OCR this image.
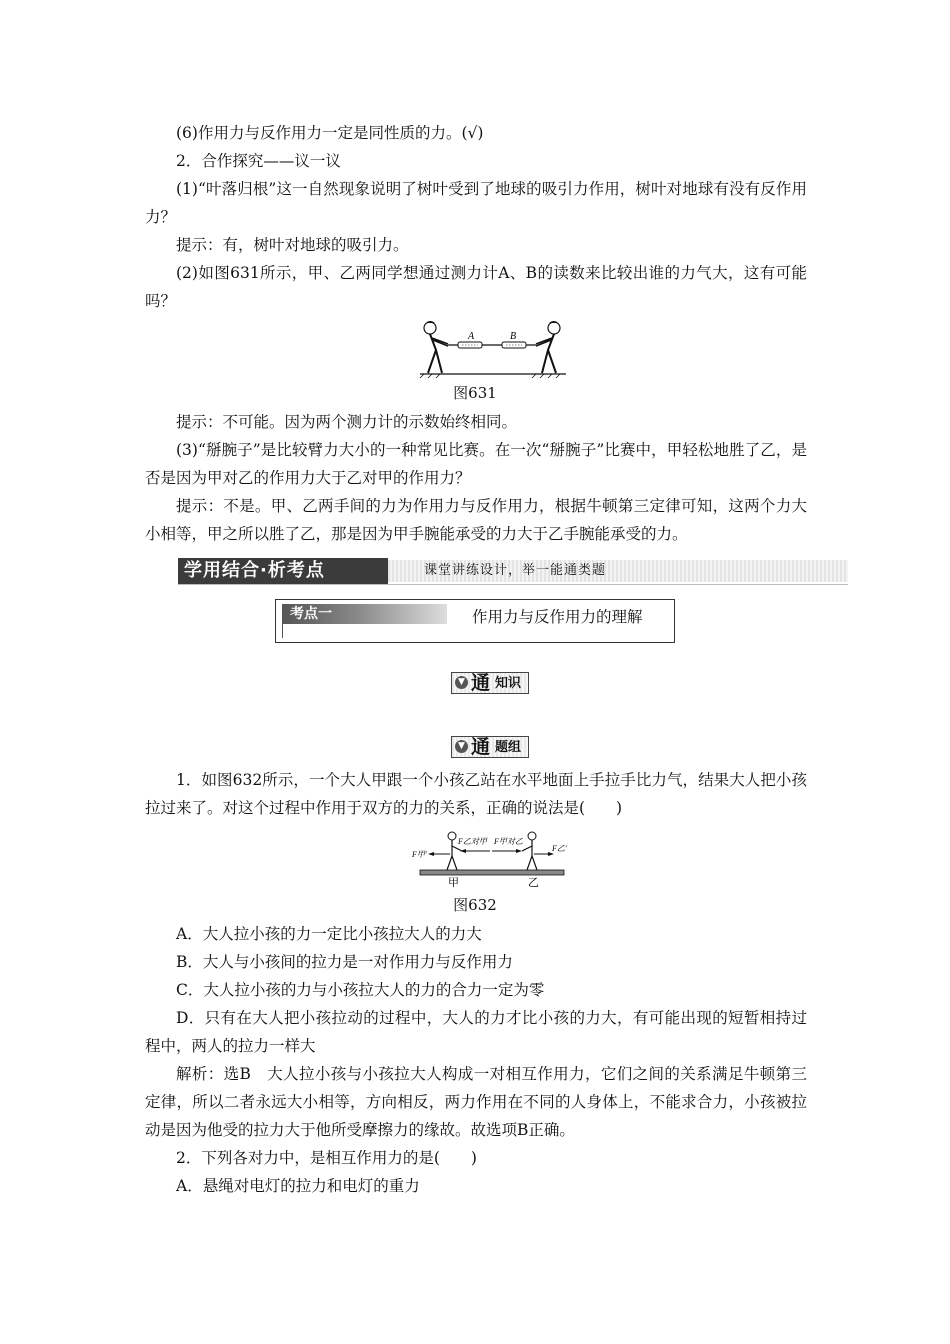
(6)作用力与反作用力一定是同性质的力。(√)

2．合作探究——议一议

(1)“叶落归根”这一自然现象说明了树叶受到了地球的吸引力作用，树叶对地球有没有反作用力？

提示：有，树叶对地球的吸引力。

(2)如图631所示，甲、乙两同学想通过测力计A、B的读数来比较出谁的力气大，这有可能吗？

A	B
图631

提示：不可能。因为两个测力计的示数始终相同。

(3)“掰腕子”是比较臂力大小的一种常见比赛。在一次“掰腕子”比赛中，甲轻松地胜了乙，是否是因为甲对乙的作用力大于乙对甲的作用力？

提示：不是。甲、乙两手间的力为作用力与反作用力，根据牛顿第三定律可知，这两个力大小相等，甲之所以胜了乙，那是因为甲手腕能承受的力大于乙手腕能承受的力。

学用结合·析考点	课堂讲练设计，举一能通类题
考点一	作用力与反作用力的理解
▼ 通 知识
▼ 通 题组

1．如图632所示，一个大人甲跟一个小孩乙站在水平地面上手拉手比力气，结果大人把小孩拉过来了。对这个过程中作用于双方的力的关系，正确的说法是(　　)

F乙对甲 F甲对乙
F甲′
F乙′
甲	乙
图632

A．大人拉小孩的力一定比小孩拉大人的力大

B．大人与小孩间的拉力是一对作用力与反作用力

C．大人拉小孩的力与小孩拉大人的力的合力一定为零

D．只有在大人把小孩拉动的过程中，大人的力才比小孩的力大，有可能出现的短暂相持过程中，两人的拉力一样大

解析：选B　大人拉小孩与小孩拉大人构成一对相互作用力，它们之间的关系满足牛顿第三定律，所以二者永远大小相等，方向相反，两力作用在不同的人身体上，不能求合力，小孩被拉动是因为他受的拉力大于他所受摩擦力的缘故。故选项B正确。

2．下列各对力中，是相互作用力的是(　　)

A．悬绳对电灯的拉力和电灯的重力
